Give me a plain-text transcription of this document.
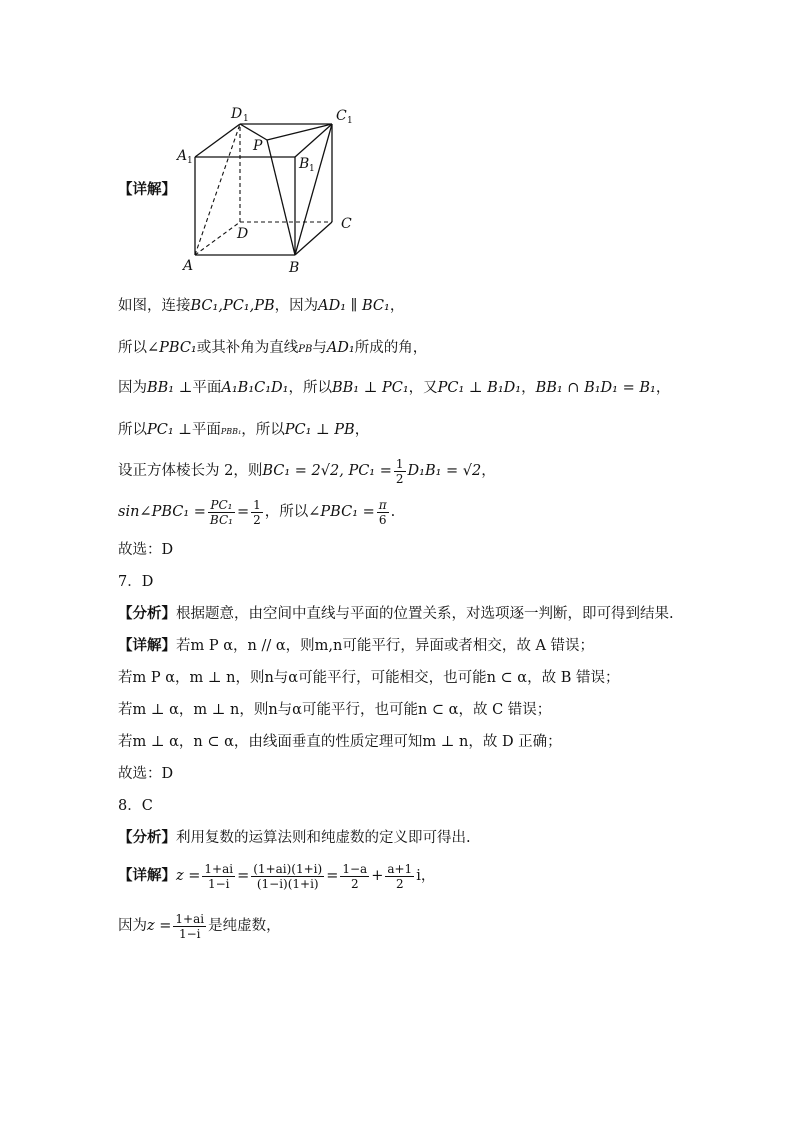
D 1	C 1
A 1	B 1
P
D
C
A	B
【详解】
如图，连接BC₁,PC₁,PB，因为AD₁ ∥ BC₁，
所以∠PBC₁或其补角为直线PB与AD₁所成的角，
因为BB₁ ⊥平面A₁B₁C₁D₁，所以BB₁ ⊥ PC₁，又PC₁ ⊥ B₁D₁，BB₁ ∩ B₁D₁ = B₁，
所以PC₁ ⊥平面PBB₁，所以PC₁ ⊥ PB，
设正方体棱长为 2，则BC₁ = 2√2, $PC_1 = \frac{1}{2} D_1B_1 = √2$，
sin∠PBC₁ = $\frac{\text{PC₁}}{\text{BC₁}} = \frac{1}{2}$ ，所以∠PBC₁ = $\frac{\pi}{6}$ .
故选：D
7．D
【分析】根据题意，由空间中直线与平面的位置关系，对选项逐一判断，即可得到结果.
【详解】若m P α，n // α，则m,n可能平行，异面或者相交，故 A 错误；
若m P α，m ⊥ n，则n与α可能平行，可能相交，也可能n ⊂ α，故 B 错误；
若m ⊥ α，m ⊥ n，则n与α可能平行，也可能n ⊂ α，故 C 错误；
若m ⊥ α，n ⊂ α，由线面垂直的性质定理可知m ⊥ n，故 D 正确；
故选：D
8．C
【分析】利用复数的运算法则和纯虚数的定义即可得出.
【详解】$z = \frac{1+ai}{1-i} = \frac{(1+ai)(1+i)}{(1-i)(1+i)} = \frac{1-a}{2} + \frac{a+1}{2}$ i，
因为$z = \frac{1+ai}{1-i}$ 是纯虚数，
